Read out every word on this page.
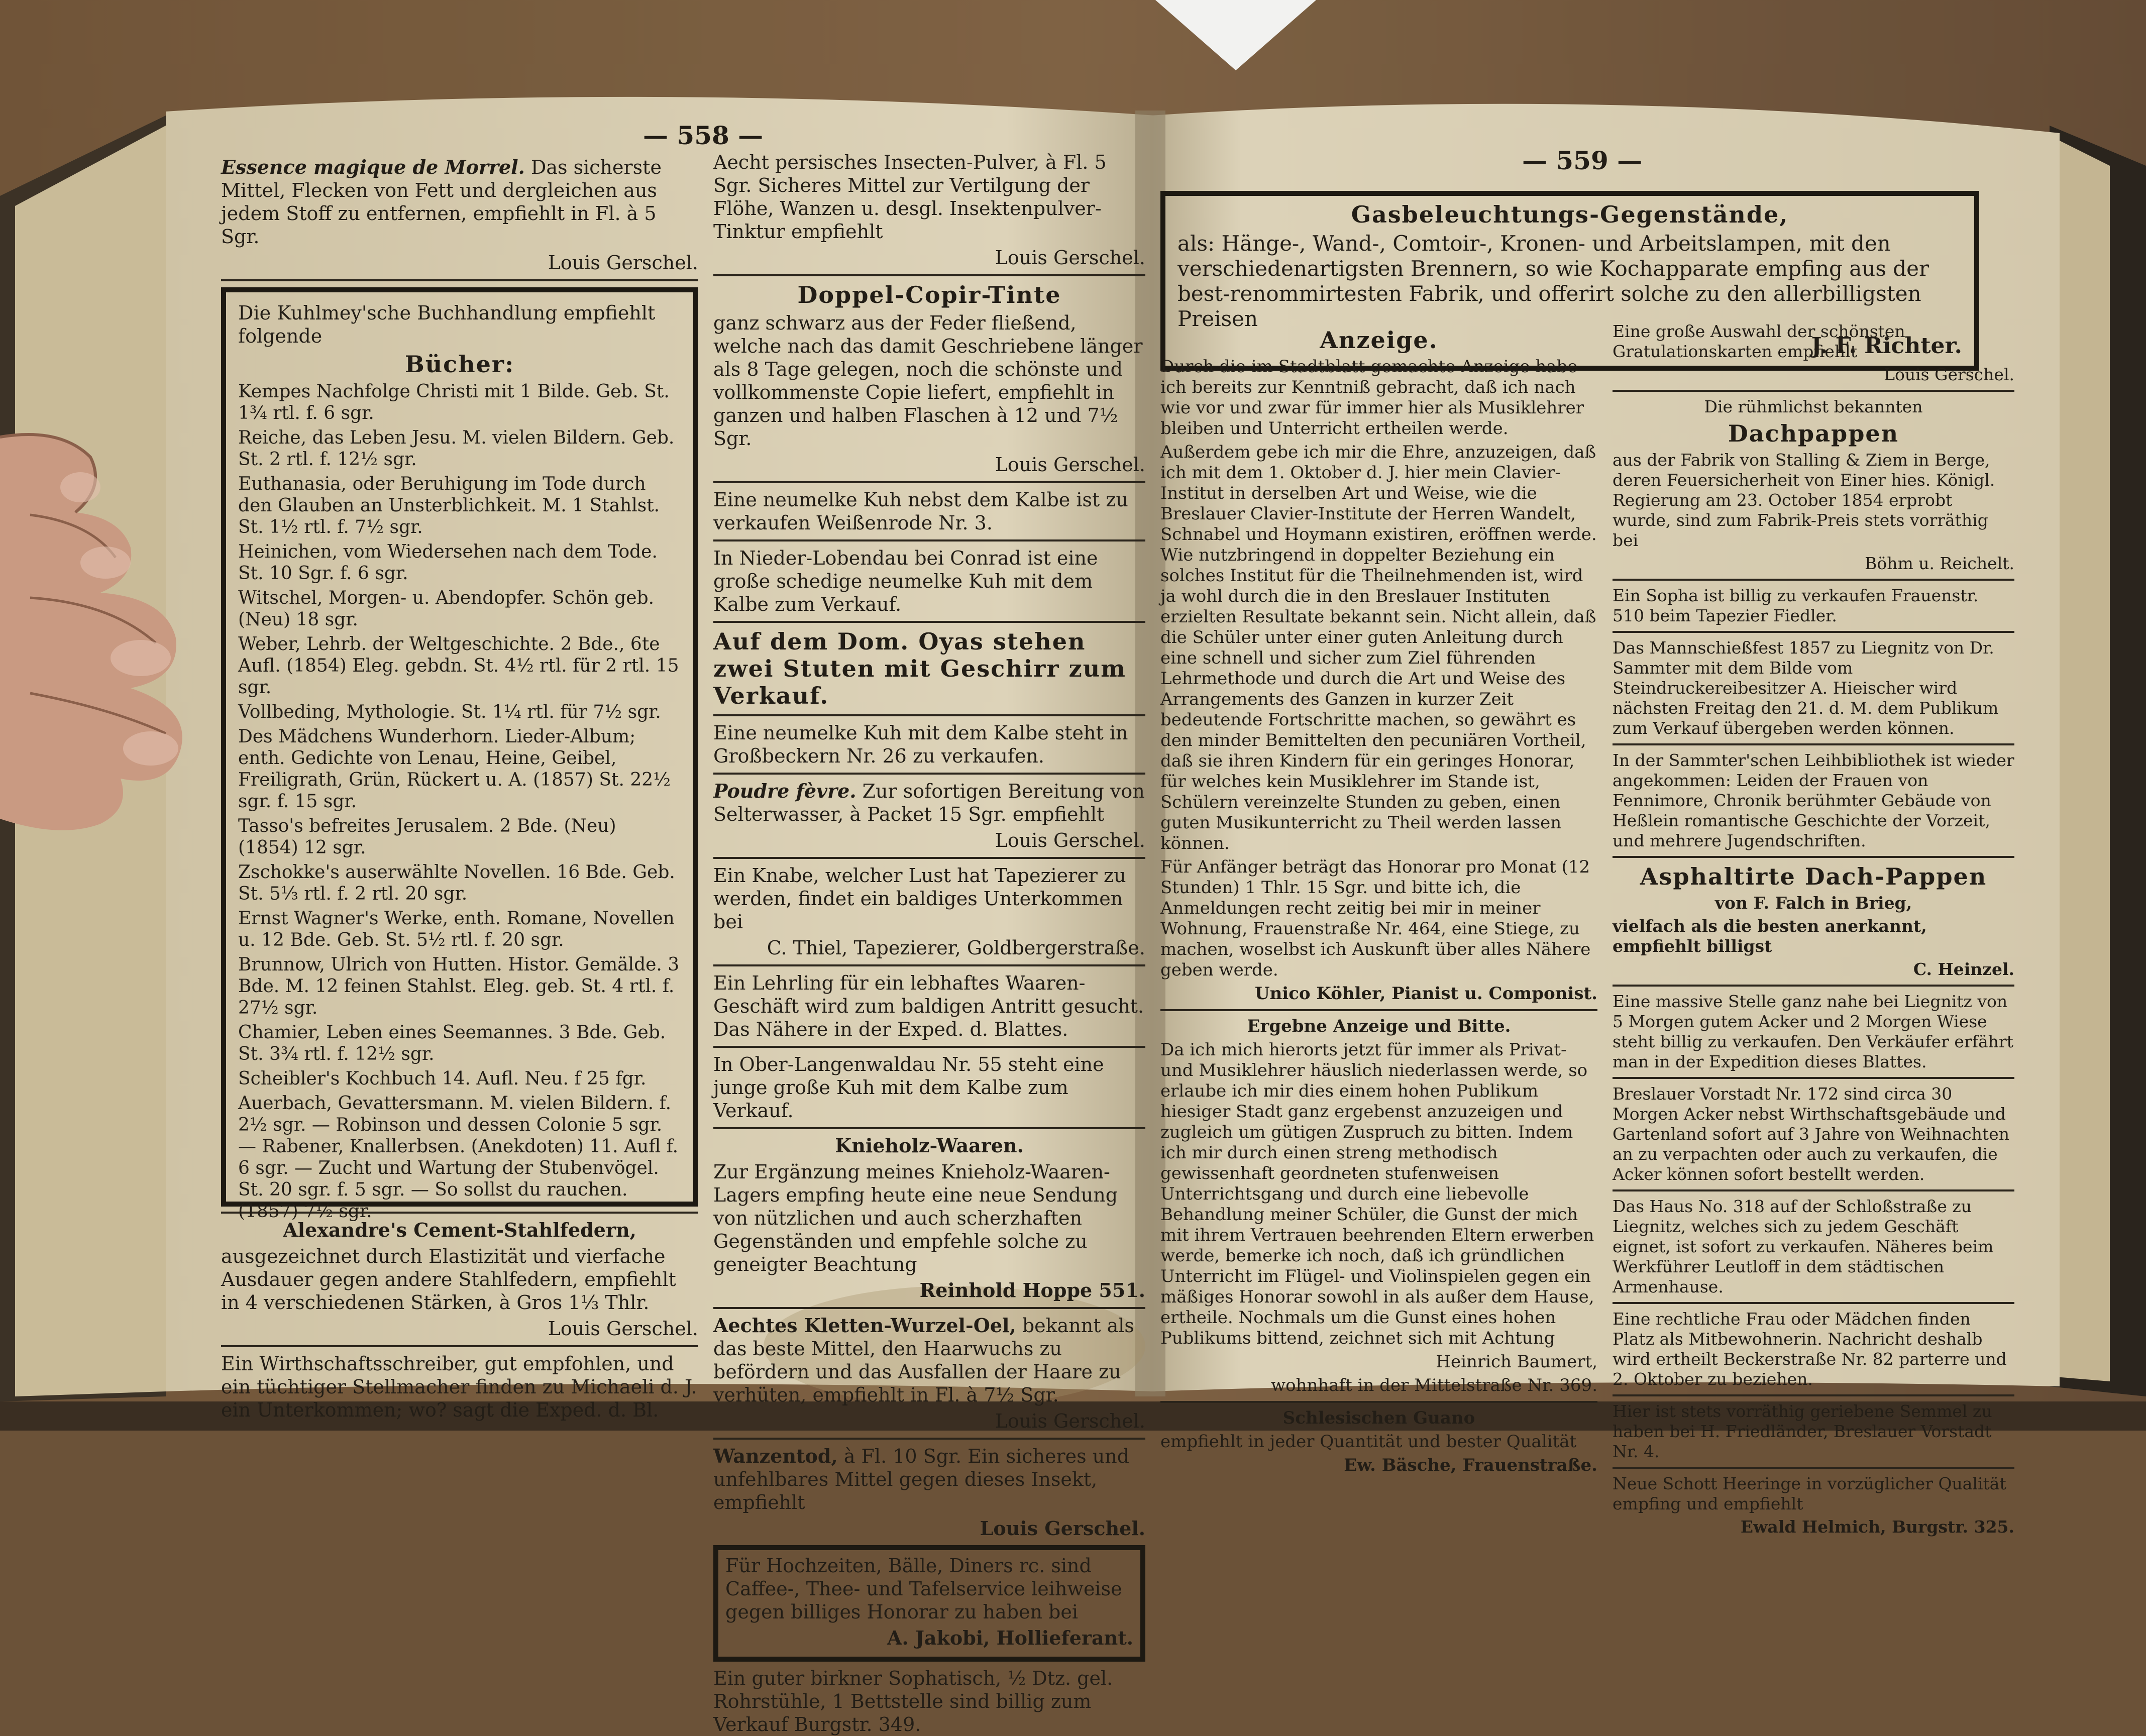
— 558 —

Essence magique de Morrel. Das sicherste Mittel, Flecken von Fett und dergleichen aus jedem Stoff zu entfernen, empfiehlt in Fl. à 5 Sgr.

Louis Gerschel.

Die Kuhlmey'sche Buchhandlung empfiehlt folgende

Bücher:

Kempes Nachfolge Christi mit 1 Bilde. Geb. St. 1¾ rtl. f. 6 sgr.

Reiche, das Leben Jesu. M. vielen Bildern. Geb. St. 2 rtl. f. 12½ sgr.

Euthanasia, oder Beruhigung im Tode durch den Glauben an Unsterblichkeit. M. 1 Stahlst. St. 1½ rtl. f. 7½ sgr.

Heinichen, vom Wiedersehen nach dem Tode. St. 10 Sgr. f. 6 sgr.

Witschel, Morgen- u. Abendopfer. Schön geb. (Neu) 18 sgr.

Weber, Lehrb. der Weltgeschichte. 2 Bde., 6te Aufl. (1854) Eleg. gebdn. St. 4½ rtl. für 2 rtl. 15 sgr.

Vollbeding, Mythologie. St. 1¼ rtl. für 7½ sgr.

Des Mädchens Wunderhorn. Lieder-Album; enth. Gedichte von Lenau, Heine, Geibel, Freiligrath, Grün, Rückert u. A. (1857) St. 22½ sgr. f. 15 sgr.

Tasso's befreites Jerusalem. 2 Bde. (Neu) (1854) 12 sgr.

Zschokke's auserwählte Novellen. 16 Bde. Geb. St. 5⅓ rtl. f. 2 rtl. 20 sgr.

Ernst Wagner's Werke, enth. Romane, Novellen u. 12 Bde. Geb. St. 5½ rtl. f. 20 sgr.

Brunnow, Ulrich von Hutten. Histor. Gemälde. 3 Bde. M. 12 feinen Stahlst. Eleg. geb. St. 4 rtl. f. 27½ sgr.

Chamier, Leben eines Seemannes. 3 Bde. Geb. St. 3¾ rtl. f. 12½ sgr.

Scheibler's Kochbuch 14. Aufl. Neu. f 25 fgr.

Auerbach, Gevattersmann. M. vielen Bildern. f. 2½ sgr. — Robinson und dessen Colonie 5 sgr. — Rabener, Knallerbsen. (Anekdoten) 11. Aufl f. 6 sgr. — Zucht und Wartung der Stubenvögel. St. 20 sgr. f. 5 sgr. — So sollst du rauchen. (1857) 7½ sgr.

Alexandre's Cement-Stahlfedern,

ausgezeichnet durch Elastizität und vierfache Ausdauer gegen andere Stahlfedern, empfiehlt in 4 verschiedenen Stärken, à Gros 1⅓ Thlr.

Louis Gerschel.

Ein Wirthschaftsschreiber, gut empfohlen, und ein tüchtiger Stellmacher finden zu Michaeli d. J. ein Unterkommen; wo? sagt die Exped. d. Bl.

Aecht persisches Insecten-Pulver, à Fl. 5 Sgr. Sicheres Mittel zur Vertilgung der Flöhe, Wanzen u. desgl. Insektenpulver-Tinktur empfiehlt

Louis Gerschel.

Doppel-Copir-Tinte

ganz schwarz aus der Feder fließend, welche nach das damit Geschriebene länger als 8 Tage gelegen, noch die schönste und vollkommenste Copie liefert, empfiehlt in ganzen und halben Flaschen à 12 und 7½ Sgr.

Louis Gerschel.

Eine neumelke Kuh nebst dem Kalbe ist zu verkaufen Weißenrode Nr. 3.

In Nieder-Lobendau bei Conrad ist eine große schedige neumelke Kuh mit dem Kalbe zum Verkauf.

Auf dem Dom. Oyas stehen zwei Stuten mit Geschirr zum Verkauf.

Eine neumelke Kuh mit dem Kalbe steht in Großbeckern Nr. 26 zu verkaufen.

Poudre fèvre. Zur sofortigen Bereitung von Selterwasser, à Packet 15 Sgr. empfiehlt

Louis Gerschel.

Ein Knabe, welcher Lust hat Tapezierer zu werden, findet ein baldiges Unterkommen bei

C. Thiel, Tapezierer, Goldbergerstraße.

Ein Lehrling für ein lebhaftes Waaren-Geschäft wird zum baldigen Antritt gesucht. Das Nähere in der Exped. d. Blattes.

In Ober-Langenwaldau Nr. 55 steht eine junge große Kuh mit dem Kalbe zum Verkauf.

Knieholz-Waaren.

Zur Ergänzung meines Knieholz-Waaren-Lagers empfing heute eine neue Sendung von nützlichen und auch scherzhaften Gegenständen und empfehle solche zu geneigter Beachtung

Reinhold Hoppe 551.

Aechtes Kletten-Wurzel-Oel, bekannt als das beste Mittel, den Haarwuchs zu befördern und das Ausfallen der Haare zu verhüten, empfiehlt in Fl. à 7½ Sgr.

Louis Gerschel.

Wanzentod, à Fl. 10 Sgr. Ein sicheres und unfehlbares Mittel gegen dieses Insekt, empfiehlt

Louis Gerschel.

Für Hochzeiten, Bälle, Diners rc. sind Caffee-, Thee- und Tafelservice leihweise gegen billiges Honorar zu haben bei

A. Jakobi, Hollieferant.

Ein guter birkner Sophatisch, ½ Dtz. gel. Rohrstühle, 1 Bettstelle sind billig zum Verkauf Burgstr. 349.

— 559 —

Gasbeleuchtungs-Gegenstände,

als: Hänge-, Wand-, Comtoir-, Kronen- und Arbeitslampen, mit den verschiedenartigsten Brennern, so wie Kochapparate empfing aus der best-renommirtesten Fabrik, und offerirt solche zu den allerbilligsten Preisen

J. F. Richter.

Anzeige.

Durch die im Stadtblatt gemachte Anzeige habe ich bereits zur Kenntniß gebracht, daß ich nach wie vor und zwar für immer hier als Musiklehrer bleiben und Unterricht ertheilen werde.

Außerdem gebe ich mir die Ehre, anzuzeigen, daß ich mit dem 1. Oktober d. J. hier mein Clavier-Institut in derselben Art und Weise, wie die Breslauer Clavier-Institute der Herren Wandelt, Schnabel und Hoymann existiren, eröffnen werde. Wie nutzbringend in doppelter Beziehung ein solches Institut für die Theilnehmenden ist, wird ja wohl durch die in den Breslauer Instituten erzielten Resultate bekannt sein. Nicht allein, daß die Schüler unter einer guten Anleitung durch eine schnell und sicher zum Ziel führenden Lehrmethode und durch die Art und Weise des Arrangements des Ganzen in kurzer Zeit bedeutende Fortschritte machen, so gewährt es den minder Bemittelten den pecuniären Vortheil, daß sie ihren Kindern für ein geringes Honorar, für welches kein Musiklehrer im Stande ist, Schülern vereinzelte Stunden zu geben, einen guten Musikunterricht zu Theil werden lassen können.

Für Anfänger beträgt das Honorar pro Monat (12 Stunden) 1 Thlr. 15 Sgr. und bitte ich, die Anmeldungen recht zeitig bei mir in meiner Wohnung, Frauenstraße Nr. 464, eine Stiege, zu machen, woselbst ich Auskunft über alles Nähere geben werde.

Unico Köhler, Pianist u. Componist.

Ergebne Anzeige und Bitte.

Da ich mich hierorts jetzt für immer als Privat- und Musiklehrer häuslich niederlassen werde, so erlaube ich mir dies einem hohen Publikum hiesiger Stadt ganz ergebenst anzuzeigen und zugleich um gütigen Zuspruch zu bitten. Indem ich mir durch einen streng methodisch gewissenhaft geordneten stufenweisen Unterrichtsgang und durch eine liebevolle Behandlung meiner Schüler, die Gunst der mich mit ihrem Vertrauen beehrenden Eltern erwerben werde, bemerke ich noch, daß ich gründlichen Unterricht im Flügel- und Violinspielen gegen ein mäßiges Honorar sowohl in als außer dem Hause, ertheile. Nochmals um die Gunst eines hohen Publikums bittend, zeichnet sich mit Achtung

Heinrich Baumert,

wohnhaft in der Mittelstraße Nr. 369.

Schlesischen Guano

empfiehlt in jeder Quantität und bester Qualität

Ew. Bäsche, Frauenstraße.

Eine große Auswahl der schönsten Gratulationskarten empfiehlt

Louis Gerschel.

Die rühmlichst bekannten

Dachpappen

aus der Fabrik von Stalling & Ziem in Berge, deren Feuersicherheit von Einer hies. Königl. Regierung am 23. October 1854 erprobt wurde, sind zum Fabrik-Preis stets vorräthig bei

Böhm u. Reichelt.

Ein Sopha ist billig zu verkaufen Frauenstr. 510 beim Tapezier Fiedler.

Das Mannschießfest 1857 zu Liegnitz von Dr. Sammter mit dem Bilde vom Steindruckereibesitzer A. Hieischer wird nächsten Freitag den 21. d. M. dem Publikum zum Verkauf übergeben werden können.

In der Sammter'schen Leihbibliothek ist wieder angekommen: Leiden der Frauen von Fennimore, Chronik berühmter Gebäude von Heßlein romantische Geschichte der Vorzeit, und mehrere Jugendschriften.

Asphaltirte Dach-Pappen

von F. Falch in Brieg,

vielfach als die besten anerkannt, empfiehlt billigst

C. Heinzel.

Eine massive Stelle ganz nahe bei Liegnitz von 5 Morgen gutem Acker und 2 Morgen Wiese steht billig zu verkaufen. Den Verkäufer erfährt man in der Expedition dieses Blattes.

Breslauer Vorstadt Nr. 172 sind circa 30 Morgen Acker nebst Wirthschaftsgebäude und Gartenland sofort auf 3 Jahre von Weihnachten an zu verpachten oder auch zu verkaufen, die Acker können sofort bestellt werden.

Das Haus No. 318 auf der Schloßstraße zu Liegnitz, welches sich zu jedem Geschäft eignet, ist sofort zu verkaufen. Näheres beim Werkführer Leutloff in dem städtischen Armenhause.

Eine rechtliche Frau oder Mädchen finden Platz als Mitbewohnerin. Nachricht deshalb wird ertheilt Beckerstraße Nr. 82 parterre und 2. Oktober zu beziehen.

Hier ist stets vorräthig geriebene Semmel zu haben bei H. Friedländer, Breslauer Vorstadt Nr. 4.

Neue Schott Heeringe in vorzüglicher Qualität empfing und empfiehlt

Ewald Helmich, Burgstr. 325.
